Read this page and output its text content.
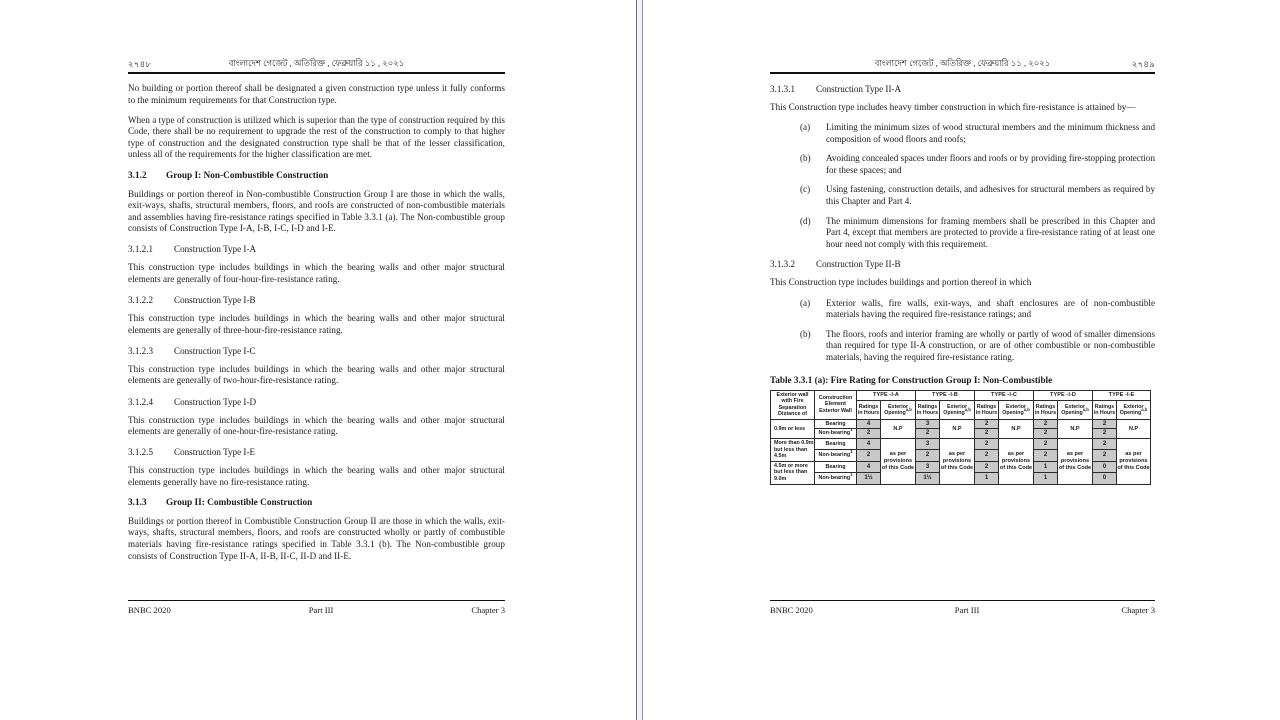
২৭৪৮	বাংলাদেশ গেজেট , অতিরিক্ত , ফেব্রুয়ারি ১১ , ২০২১

No building or portion thereof shall be designated a given construction type unless it fully conforms to the minimum requirements for that Construction type.

When a type of construction is utilized which is superior than the type of construction required by this Code, there shall be no requirement to upgrade the rest of the construction to comply to that higher type of construction and the designated construction type shall be that of the lesser classification, unless all of the requirements for the higher classification are met.

3.1.2 Group I: Non-Combustible Construction

Buildings or portion thereof in Non-combustible Construction Group I are those in which the walls, exit-ways, shafts, structural members, floors, and roofs are constructed of non-combustible materials and assemblies having fire-resistance ratings specified in Table 3.3.1 (a). The Non-combustible group consists of Construction Type I-A, I-B, I-C, I-D and I-E.

3.1.2.1 Construction Type I-A

This construction type includes buildings in which the bearing walls and other major structural elements are generally of four-hour-fire-resistance rating.

3.1.2.2 Construction Type I-B

This construction type includes buildings in which the bearing walls and other major structural elements are generally of three-hour-fire-resistance rating.

3.1.2.3 Construction Type I-C

This construction type includes buildings in which the bearing walls and other major structural elements are generally of two-hour-fire-resistance rating.

3.1.2.4 Construction Type I-D

This construction type includes buildings in which the bearing walls and other major structural elements are generally of one-hour-fire-resistance rating.

3.1.2.5 Construction Type I-E

This construction type includes buildings in which the bearing walls and other major structural elements generally have no fire-resistance rating.

3.1.3 Group II: Combustible Construction

Buildings or portion thereof in Combustible Construction Group II are those in which the walls, exit-ways, shafts, structural members, floors, and roofs are constructed wholly or partly of combustible materials having fire-resistance ratings specified in Table 3.3.1 (b). The Non-combustible group consists of Construction Type II-A, II-B, II-C, II-D and II-E.

BNBC 2020	Part III	Chapter 3
বাংলাদেশ গেজেট , অতিরিক্ত , ফেব্রুয়ারি ১১ , ২০২১	২৭৪৯
3.1.3.1 Construction Type II-A

This Construction type includes heavy timber construction in which fire-resistance is attained by—

(a)	Limiting the minimum sizes of wood structural members and the minimum thickness and composition of wood floors and roofs;
(b)	Avoiding concealed spaces under floors and roofs or by providing fire-stopping protection for these spaces; and
(c)	Using fastening, construction details, and adhesives for structural members as required by this Chapter and Part 4.
(d)	The minimum dimensions for framing members shall be prescribed in this Chapter and Part 4, except that members are protected to provide a fire-resistance rating of at least one hour need not comply with this requirement.
3.1.3.2 Construction Type II-B

This Construction type includes buildings and portion thereof in which

(a)	Exterior walls, fire walls, exit-ways, and shaft enclosures are of non-combustible materials having the required fire-resistance ratings; and
(b)	The floors, roofs and interior framing are wholly or partly of wood of smaller dimensions than required for type II-A construction, or are of other combustible or non-combustible materials, having the required fire-resistance rating.
Table 3.3.1 (a): Fire Rating for Construction Group I: Non-Combustible
Exterior wall with Fire Separation Distance of	Construction Element Exterior Wall	TYPE -I-A		TYPE -I-B		TYPE -I-C		TYPE -I-D		TYPE -I-E	
		Ratings in Hours	Exterior Opening$^{a,b}$	Ratings in Hours	Exterior Opening$^{a,b}$	Ratings in Hours	Exterior Opening$^{a,b}$	Ratings in Hours	Exterior Opening$^{a,b}$	Ratings in Hours	Exterior Opening$^{a,b}$
0.9m or less	Bearing	4	N.P	3	N.P	2	N.P	2	N.P	2	N.P
	Non-bearing$^1$	2		2		2		2		2	
More than 0.9m but less than 4.5m	Bearing	4	as per provisions of this Code	3	as per provisions of this Code	2	as per provisions of this Code	2	as per provisions of this Code	2	as per provisions of this Code
	Non-bearing$^1$	2		2		2		2		2	
4.5m or more but less than 9.0m	Bearing	4		3		2		1		0	
	Non-bearing$^1$	1½		1½		1		1		0	
BNBC 2020	Part III	Chapter 3
